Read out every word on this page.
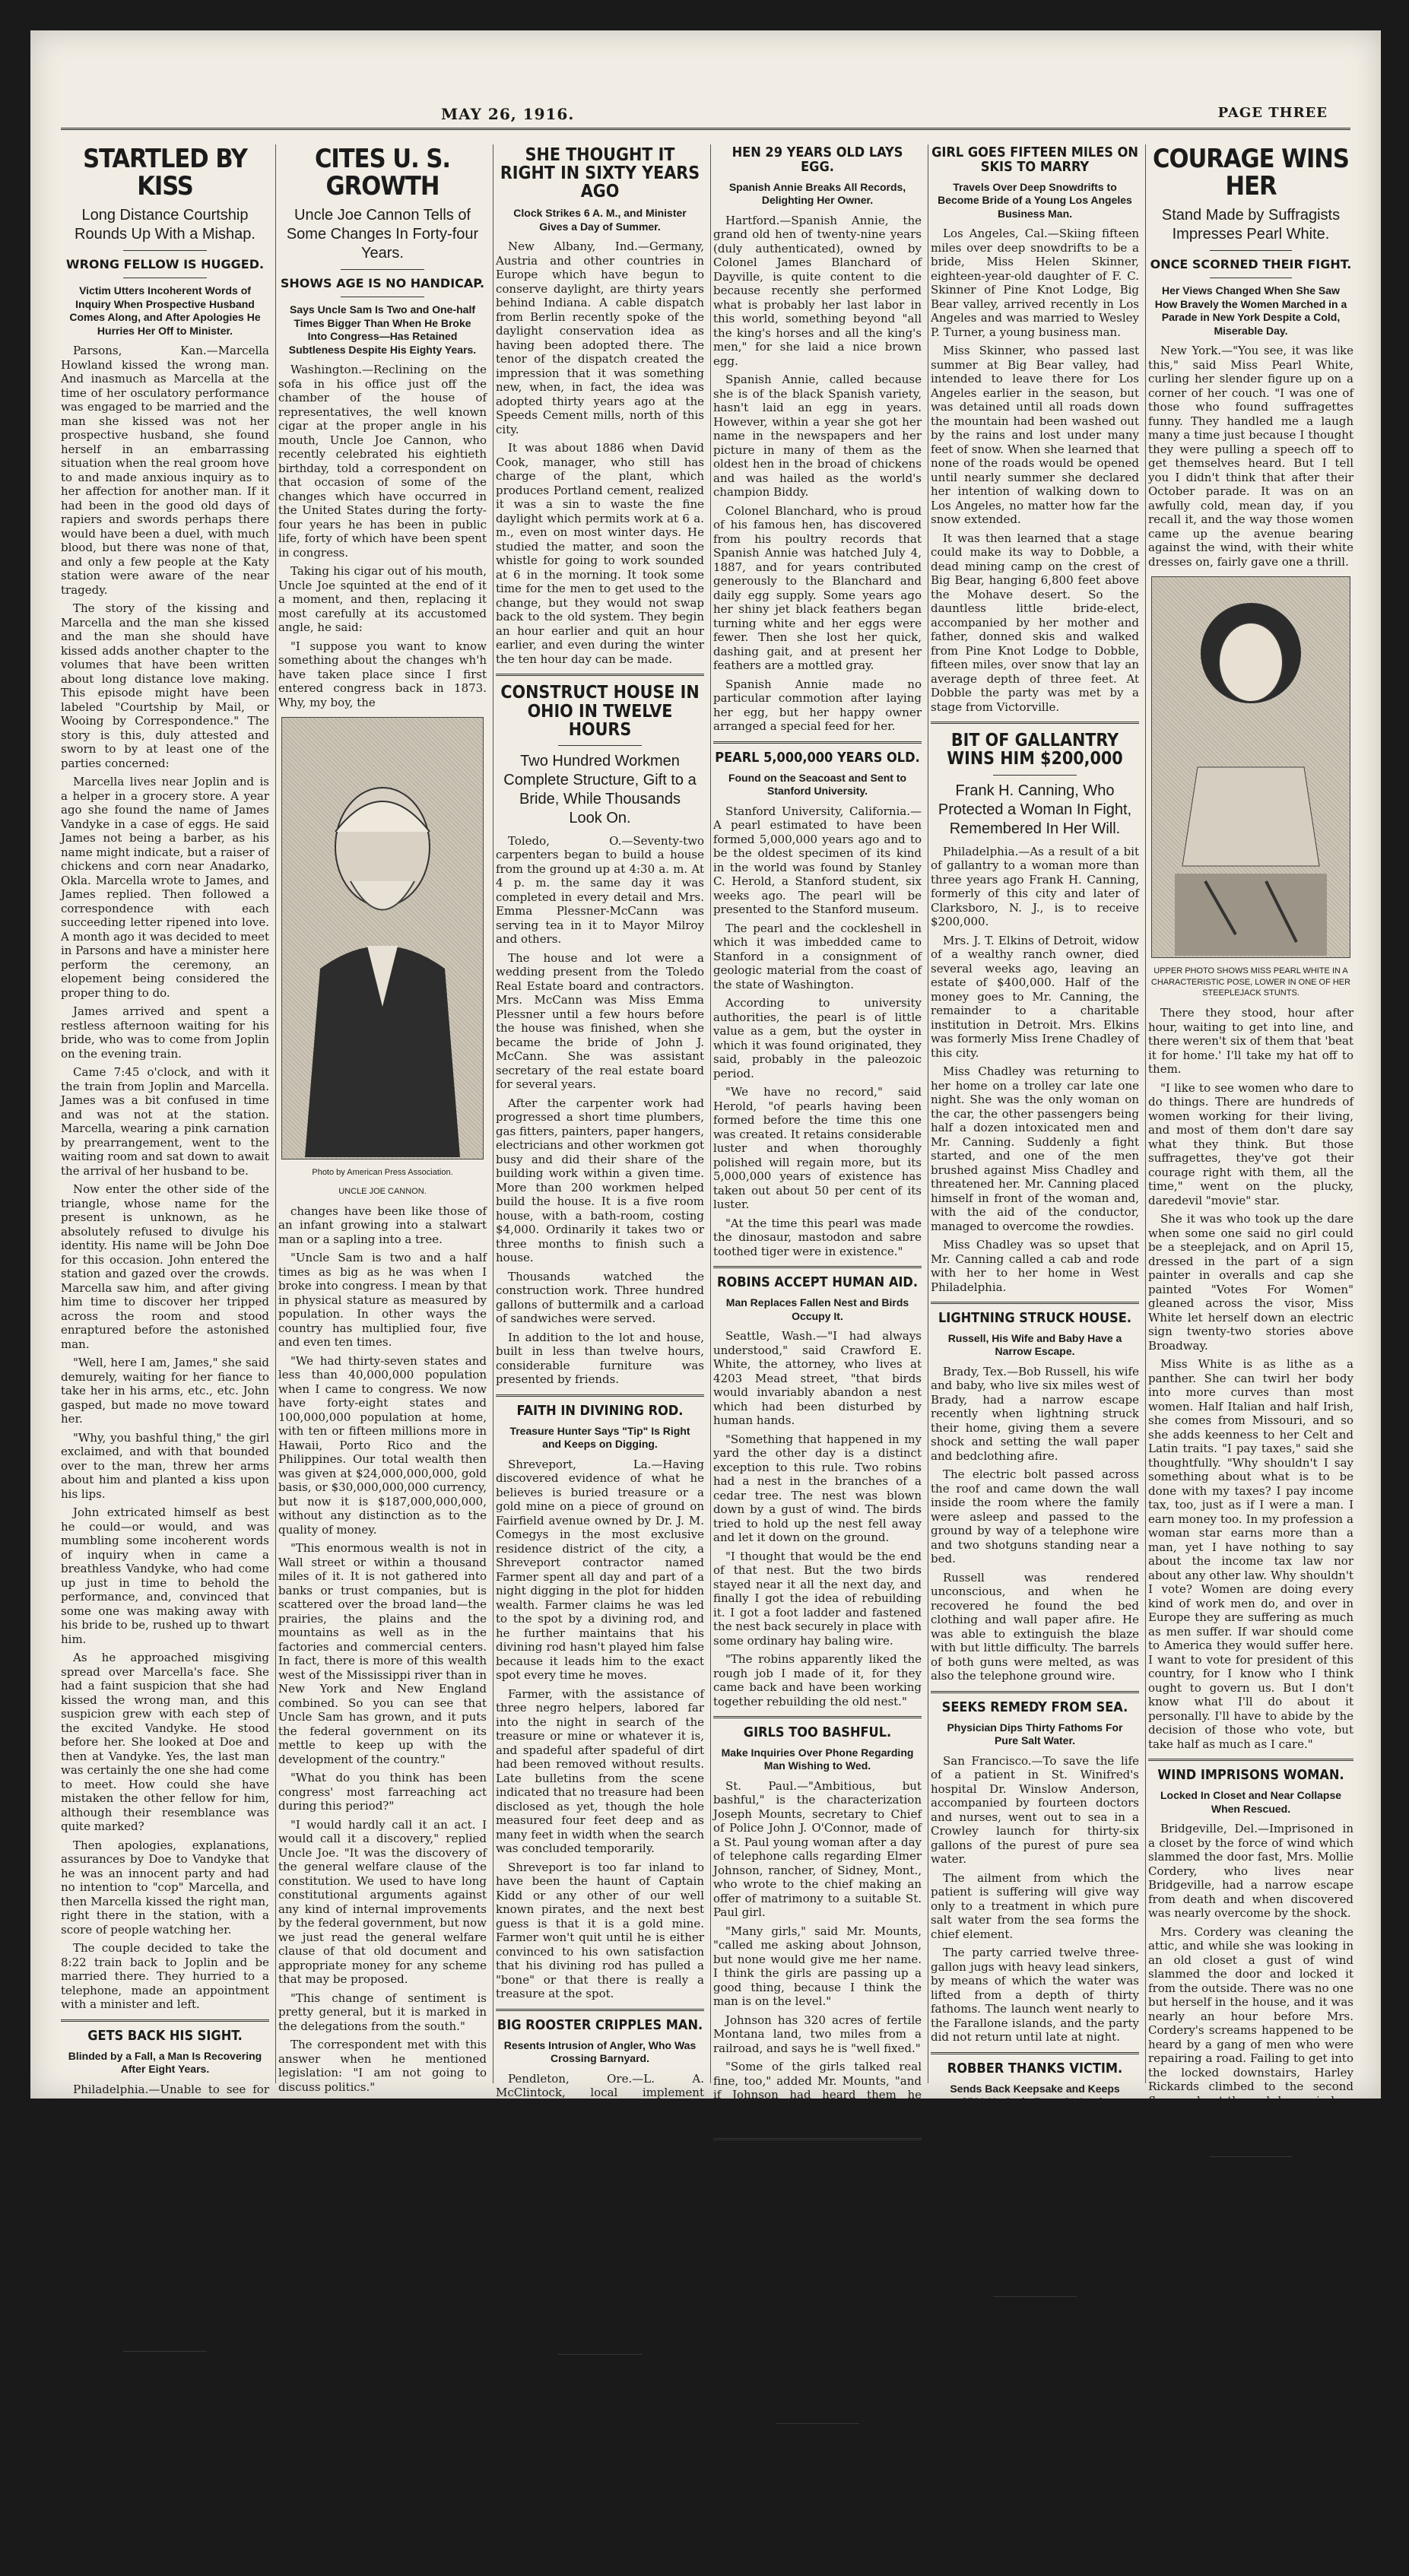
MAY 26, 1916.	PAGE THREE
STARTLED BY KISS
Long Distance Courtship Rounds Up With a Mishap.
WRONG FELLOW IS HUGGED.
Victim Utters Incoherent Words of Inquiry When Prospective Husband Comes Along, and After Apologies He Hurries Her Off to Minister.

Parsons, Kan.—Marcella Howland kissed the wrong man. And inasmuch as Marcella at the time of her osculatory performance was engaged to be married and the man she kissed was not her prospective husband, she found herself in an embarrassing situation when the real groom hove to and made anxious inquiry as to her affection for another man. If it had been in the good old days of rapiers and swords perhaps there would have been a duel, with much blood, but there was none of that, and only a few people at the Katy station were aware of the near tragedy.

The story of the kissing and Marcella and the man she kissed and the man she should have kissed adds another chapter to the volumes that have been written about long distance love making. This episode might have been labeled "Courtship by Mail, or Wooing by Correspondence." The story is this, duly attested and sworn to by at least one of the parties concerned:

Marcella lives near Joplin and is a helper in a grocery store. A year ago she found the name of James Vandyke in a case of eggs. He said James not being a barber, as his name might indicate, but a raiser of chickens and corn near Anadarko, Okla. Marcella wrote to James, and James replied. Then followed a correspondence with each succeeding letter ripened into love. A month ago it was decided to meet in Parsons and have a minister here perform the ceremony, an elopement being considered the proper thing to do.

James arrived and spent a restless afternoon waiting for his bride, who was to come from Joplin on the evening train.

Came 7:45 o'clock, and with it the train from Joplin and Marcella. James was a bit confused in time and was not at the station. Marcella, wearing a pink carnation by prearrangement, went to the waiting room and sat down to await the arrival of her husband to be.

Now enter the other side of the triangle, whose name for the present is unknown, as he absolutely refused to divulge his identity. His name will be John Doe for this occasion. John entered the station and gazed over the crowds. Marcella saw him, and after giving him time to discover her tripped across the room and stood enraptured before the astonished man.

"Well, here I am, James," she said demurely, waiting for her fiance to take her in his arms, etc., etc. John gasped, but made no move toward her.

"Why, you bashful thing," the girl exclaimed, and with that bounded over to the man, threw her arms about him and planted a kiss upon his lips.

John extricated himself as best he could—or would, and was mumbling some incoherent words of inquiry when in came a breathless Vandyke, who had come up just in time to behold the performance, and, convinced that some one was making away with his bride to be, rushed up to thwart him.

As he approached misgiving spread over Marcella's face. She had a faint suspicion that she had kissed the wrong man, and this suspicion grew with each step of the excited Vandyke. He stood before her. She looked at Doe and then at Vandyke. Yes, the last man was certainly the one she had come to meet. How could she have mistaken the other fellow for him, although their resemblance was quite marked?

Then apologies, explanations, assurances by Doe to Vandyke that he was an innocent party and had no intention to "cop" Marcella, and then Marcella kissed the right man, right there in the station, with a score of people watching her.

The couple decided to take the 8:22 train back to Joplin and be married there. They hurried to a telephone, made an appointment with a minister and left.

GETS BACK HIS SIGHT.
Blinded by a Fall, a Man Is Recovering After Eight Years.

Philadelphia.—Unable to see for eight years, Edward Claycomb, a painter, of Altoona, Pa., is recovering his sight by degrees.

In 1908 he fell from a house he was painting, and in addition to his other injuries he detached the retinas of both eyes. He became blind. Specialists of a dozen cities were consulted. So far as he could find his case was hopeless.

For the last several weeks his sight has been returning, and now he can see and read large letters and distinguish between colors. Physicians are puzzled. Claycomb is hopeful that his sight will be restored.

Sells Hidden Money With Potatoes.

Manteo, Cal.—W. A. Cleland placed $20 in $20 gold pieces in a potato bin for safe keeping. Forgetting about the money, he sold the potatoes. Later he went for the coin proved unsuccessful. Cleland now thinks banks are a safer proposition than potato bins.

CITES U. S. GROWTH
Uncle Joe Cannon Tells of Some Changes In Forty-four Years.
SHOWS AGE IS NO HANDICAP.
Says Uncle Sam Is Two and One-half Times Bigger Than When He Broke Into Congress—Has Retained Subtleness Despite His Eighty Years.

Washington.—Reclining on the sofa in his office just off the chamber of the house of representatives, the well known cigar at the proper angle in his mouth, Uncle Joe Cannon, who recently celebrated his eightieth birthday, told a correspondent on that occasion of some of the changes which have occurred in the United States during the forty-four years he has been in public life, forty of which have been spent in congress.

Taking his cigar out of his mouth, Uncle Joe squinted at the end of it a moment, and then, replacing it most carefully at its accustomed angle, he said:

"I suppose you want to know something about the changes wh'h have taken place since I first entered congress back in 1873. Why, my boy, the

Photo by American Press Association.
UNCLE JOE CANNON.

changes have been like those of an infant growing into a stalwart man or a sapling into a tree.

"Uncle Sam is two and a half times as big as he was when I broke into congress. I mean by that in physical stature as measured by population. In other ways the country has multiplied four, five and even ten times.

"We had thirty-seven states and less than 40,000,000 population when I came to congress. We now have forty-eight states and 100,000,000 population at home, with ten or fifteen millions more in Hawaii, Porto Rico and the Philippines. Our total wealth then was given at $24,000,000,000, gold basis, or $30,000,000,000 currency, but now it is $187,000,000,000, without any distinction as to the quality of money.

"This enormous wealth is not in Wall street or within a thousand miles of it. It is not gathered into banks or trust companies, but is scattered over the broad land—the prairies, the plains and the mountains as well as in the factories and commercial centers. In fact, there is more of this wealth west of the Mississippi river than in New York and New England combined. So you can see that Uncle Sam has grown, and it puts the federal government on its mettle to keep up with the development of the country."

"What do you think has been congress' most farreaching act during this period?"

"I would hardly call it an act. I would call it a discovery," replied Uncle Joe. "It was the discovery of the general welfare clause of the constitution. We used to have long constitutional arguments against any kind of internal improvements by the federal government, but now we just read the general welfare clause of that old document and appropriate money for any scheme that may be proposed.

"This change of sentiment is pretty general, but it is marked in the delegations from the south."

The correspondent met with this answer when he mentioned legislation: "I am not going to discuss politics."

Getting up from the couch, he stretched his arms, and then, just to show he is eighty years young, Uncle Joe kicked as high as his chin.

"Can you do that, young man?" he asked. And then in reply he said:

"No, and there aren't ten other men in the house who can."

The correspondent expressed the belief that when a person reached the fourscore milestone it was time to take it easy, and Uncle Joe replied:

"Well, I do take it easy. I'm entitled to it, am I not? I have things just about as the Lord intended they should be. I have lots of friends, no enemies that I know of, and lots of hope and ambition."

Although he has been mixed up in every great political fight since the election of Lincoln in 1860, Uncle Joe declined to discuss politics in the congress.

"It would be hardly fitting," he said. "People insist I am a partisan. I am a Republican, but this isn't a time for me to talk party politics. My friends are in all of the parties."

SHE THOUGHT IT RIGHT IN SIXTY YEARS AGO
Clock Strikes 6 A. M., and Minister Gives a Day of Summer.

New Albany, Ind.—Germany, Austria and other countries in Europe which have begun to conserve daylight, are thirty years behind Indiana. A cable dispatch from Berlin recently spoke of the daylight conservation idea as having been adopted there. The tenor of the dispatch created the impression that it was something new, when, in fact, the idea was adopted thirty years ago at the Speeds Cement mills, north of this city.

It was about 1886 when David Cook, manager, who still has charge of the plant, which produces Portland cement, realized it was a sin to waste the fine daylight which permits work at 6 a. m., even on most winter days. He studied the matter, and soon the whistle for going to work sounded at 6 in the morning. It took some time for the men to get used to the change, but they would not swap back to the old system. They begin an hour earlier and quit an hour earlier, and even during the winter the ten hour day can be made.

CONSTRUCT HOUSE IN OHIO IN TWELVE HOURS
Two Hundred Workmen Complete Structure, Gift to a Bride, While Thousands Look On.

Toledo, O.—Seventy-two carpenters began to build a house from the ground up at 4:30 a. m. At 4 p. m. the same day it was completed in every detail and Mrs. Emma Plessner-McCann was serving tea in it to Mayor Milroy and others.

The house and lot were a wedding present from the Toledo Real Estate board and contractors. Mrs. McCann was Miss Emma Plessner until a few hours before the house was finished, when she became the bride of John J. McCann. She was assistant secretary of the real estate board for several years.

After the carpenter work had progressed a short time plumbers, gas fitters, painters, paper hangers, electricians and other workmen got busy and did their share of the building work within a given time. More than 200 workmen helped build the house. It is a five room house, with a bath-room, costing $4,000. Ordinarily it takes two or three months to finish such a house.

Thousands watched the construction work. Three hundred gallons of buttermilk and a carload of sandwiches were served.

In addition to the lot and house, built in less than twelve hours, considerable furniture was presented by friends.

FAITH IN DIVINING ROD.
Treasure Hunter Says "Tip" Is Right and Keeps on Digging.

Shreveport, La.—Having discovered evidence of what he believes is buried treasure or a gold mine on a piece of ground on Fairfield avenue owned by Dr. J. M. Comegys in the most exclusive residence district of the city, a Shreveport contractor named Farmer spent all day and part of a night digging in the plot for hidden wealth. Farmer claims he was led to the spot by a divining rod, and he further maintains that his divining rod hasn't played him false because it leads him to the exact spot every time he moves.

Farmer, with the assistance of three negro helpers, labored far into the night in search of the treasure or mine or whatever it is, and spadeful after spadeful of dirt had been removed without results. Late bulletins from the scene indicated that no treasure had been disclosed as yet, though the hole measured four feet deep and as many feet in width when the search was concluded temporarily.

Shreveport is too far inland to have been the haunt of Captain Kidd or any other of our well known pirates, and the next best guess is that it is a gold mine. Farmer won't quit until he is either convinced to his own satisfaction that his divining rod has pulled a "bone" or that there is really a treasure at the spot.

BIG ROOSTER CRIPPLES MAN.
Resents Intrusion of Angler, Who Was Crossing Barnyard.

Pendleton, Ore.—L. A. McClintock, local implement dealer, is among the wounded and helpless as a result of an encounter with an angry rooster.

While he was crossing through a barnyard near the Furish dam, en route to the river with an angling outfit, a big Buff Cochin rooster, resenting the intrusion, flew at him. Unable to pierce his rubber boots with its beak, the rooster jumped into the air and drove his spurs home just above McClintock's knee, one on each side.

The spurs struck a tendon and crippled him. He was helped to an auto and brought home.

Pushes Junk Cart Miles.

Holton, Kan.—Sherman Crawford, an industrious junk gatherer of this city, loses none of his profits to the railroads. He loads his cart with 800 pounds of material and when weather and roads are good pushes the cart to Topeka. By leaving Holton at 8 o'clock in the morning Crawford can make the thirty-two miles to the capital city by sundown.

HEN 29 YEARS OLD LAYS EGG.
Spanish Annie Breaks All Records, Delighting Her Owner.

Hartford.—Spanish Annie, the grand old hen of twenty-nine years (duly authenticated), owned by Colonel James Blanchard of Dayville, is quite content to die because recently she performed what is probably her last labor in this world, something beyond "all the king's horses and all the king's men," for she laid a nice brown egg.

Spanish Annie, called because she is of the black Spanish variety, hasn't laid an egg in years. However, within a year she got her name in the newspapers and her picture in many of them as the oldest hen in the broad of chickens and was hailed as the world's champion Biddy.

Colonel Blanchard, who is proud of his famous hen, has discovered from his poultry records that Spanish Annie was hatched July 4, 1887, and for years contributed generously to the Blanchard and daily egg supply. Some years ago her shiny jet black feathers began turning white and her eggs were fewer. Then she lost her quick, dashing gait, and at present her feathers are a mottled gray.

Spanish Annie made no particular commotion after laying her egg, but her happy owner arranged a special feed for her.

PEARL 5,000,000 YEARS OLD.
Found on the Seacoast and Sent to Stanford University.

Stanford University, California.—A pearl estimated to have been formed 5,000,000 years ago and to be the oldest specimen of its kind in the world was found by Stanley C. Herold, a Stanford student, six weeks ago. The pearl will be presented to the Stanford museum.

The pearl and the cockleshell in which it was imbedded came to Stanford in a consignment of geologic material from the coast of the state of Washington.

According to university authorities, the pearl is of little value as a gem, but the oyster in which it was found originated, they said, probably in the paleozoic period.

"We have no record," said Herold, "of pearls having been formed before the time this one was created. It retains considerable luster and when thoroughly polished will regain more, but its 5,000,000 years of existence has taken out about 50 per cent of its luster.

"At the time this pearl was made the dinosaur, mastodon and sabre toothed tiger were in existence."

ROBINS ACCEPT HUMAN AID.
Man Replaces Fallen Nest and Birds Occupy It.

Seattle, Wash.—"I had always understood," said Crawford E. White, the attorney, who lives at 4203 Mead street, "that birds would invariably abandon a nest which had been disturbed by human hands.

"Something that happened in my yard the other day is a distinct exception to this rule. Two robins had a nest in the branches of a cedar tree. The nest was blown down by a gust of wind. The birds tried to hold up the nest fell away and let it down on the ground.

"I thought that would be the end of that nest. But the two birds stayed near it all the next day, and finally I got the idea of rebuilding it. I got a foot ladder and fastened the nest back securely in place with some ordinary hay baling wire.

"The robins apparently liked the rough job I made of it, for they came back and have been working together rebuilding the old nest."

GIRLS TOO BASHFUL.
Make Inquiries Over Phone Regarding Man Wishing to Wed.

St. Paul.—"Ambitious, but bashful," is the characterization Joseph Mounts, secretary to Chief of Police John J. O'Connor, made of a St. Paul young woman after a day of telephone calls regarding Elmer Johnson, rancher, of Sidney, Mont., who wrote to the chief making an offer of matrimony to a suitable St. Paul girl.

"Many girls," said Mr. Mounts, "called me asking about Johnson, but none would give me her name. I think the girls are passing up a good thing, because I think the man is on the level."

Johnson has 320 acres of fertile Montana land, two miles from a railroad, and says he is "well fixed."

"Some of the girls talked real fine, too," added Mr. Mounts, "and if Johnson had heard them he would have liked to look them over. It's too bad they were so bashful."

FINDS DIAMOND IN TOBACCO.
Railroad Engineer Discovers Gem In Tin of the Weed.

St. Mary's, Pa.—Patrick Fohley, an engineer on the Pennsylvania railroad, stationed here, considers himself a very lucky individual.

A few days ago he bought a ten cent tin of tobacco. While replenishing his pipe he was surprised to see a ring imbedded in the weed, and examination proved it to contain a stone which looked suspiciously like a diamond. He took his find to a jeweler, who appraised the stone to be worth at least $50.

With Choir, No Gift.

Topeka, Kan.—Property held for the Church of Christ in this city will revert to the original owners should they come into existence within the next few months, this being according to the terms of the deed by which it was conveyed for church purposes and which has just been filed for record.

GIRL GOES FIFTEEN MILES ON SKIS TO MARRY
Travels Over Deep Snowdrifts to Become Bride of a Young Los Angeles Business Man.

Los Angeles, Cal.—Skiing fifteen miles over deep snowdrifts to be a bride, Miss Helen Skinner, eighteen-year-old daughter of F. C. Skinner of Pine Knot Lodge, Big Bear valley, arrived recently in Los Angeles and was married to Wesley P. Turner, a young business man.

Miss Skinner, who passed last summer at Big Bear valley, had intended to leave there for Los Angeles earlier in the season, but was detained until all roads down the mountain had been washed out by the rains and lost under many feet of snow. When she learned that none of the roads would be opened until nearly summer she declared her intention of walking down to Los Angeles, no matter how far the snow extended.

It was then learned that a stage could make its way to Dobble, a dead mining camp on the crest of Big Bear, hanging 6,800 feet above the Mohave desert. So the dauntless little bride-elect, accompanied by her mother and father, donned skis and walked from Pine Knot Lodge to Dobble, fifteen miles, over snow that lay an average depth of three feet. At Dobble the party was met by a stage from Victorville.

BIT OF GALLANTRY WINS HIM $200,000
Frank H. Canning, Who Protected a Woman In Fight, Remembered In Her Will.

Philadelphia.—As a result of a bit of gallantry to a woman more than three years ago Frank H. Canning, formerly of this city and later of Clarksboro, N. J., is to receive $200,000.

Mrs. J. T. Elkins of Detroit, widow of a wealthy ranch owner, died several weeks ago, leaving an estate of $400,000. Half of the money goes to Mr. Canning, the remainder to a charitable institution in Detroit. Mrs. Elkins was formerly Miss Irene Chadley of this city.

Miss Chadley was returning to her home on a trolley car late one night. She was the only woman on the car, the other passengers being half a dozen intoxicated men and Mr. Canning. Suddenly a fight started, and one of the men brushed against Miss Chadley and threatened her. Mr. Canning placed himself in front of the woman and, with the aid of the conductor, managed to overcome the rowdies.

Miss Chadley was so upset that Mr. Canning called a cab and rode with her to her home in West Philadelphia.

LIGHTNING STRUCK HOUSE.
Russell, His Wife and Baby Have a Narrow Escape.

Brady, Tex.—Bob Russell, his wife and baby, who live six miles west of Brady, had a narrow escape recently when lightning struck their home, giving them a severe shock and setting the wall paper and bedclothing afire.

The electric bolt passed across the roof and came down the wall inside the room where the family were asleep and passed to the ground by way of a telephone wire and two shotguns standing near a bed.

Russell was rendered unconscious, and when he recovered he found the bed clothing and wall paper afire. He was able to extinguish the blaze with but little difficulty. The barrels of both guns were melted, as was also the telephone ground wire.

SEEKS REMEDY FROM SEA.
Physician Dips Thirty Fathoms For Pure Salt Water.

San Francisco.—To save the life of a patient in St. Winifred's hospital Dr. Winslow Anderson, accompanied by fourteen doctors and nurses, went out to sea in a Crowley launch for thirty-six gallons of the purest of pure sea water.

The ailment from which the patient is suffering will give way only to a treatment in which pure salt water from the sea forms the chief element.

The party carried twelve three-gallon jugs with heavy lead sinkers, by means of which the water was lifted from a depth of thirty fathoms. The launch went nearly to the Farallone islands, and the party did not return until late at night.

ROBBER THANKS VICTIM.
Sends Back Keepsake and Keeps $500 He Stole From St. Louis Resident.

St. Louis.—The thief who robbed the home of L. L. Whittemore of jewelry valued at $500 mailed a letter to the family. Inclosed was a miniature pair of opera glasses, used as a watch charm. His letter reads:

To Whom It May Concern.—Very sorry to take this little keepsake. Thank you for the other articles.

AN OUTCAST.
Fish Makes Long Swim.

London.—A salmon which had been marked and returned to the water at Kintradwel, north of Brora, Sutherlandshire, was caught fifteen days afterward on the Aberdeenshire coast. The minimum distance covered by the fish was 140 miles, and it had lost one and a half pounds in weight between the date of marking and its recapture.

COURAGE WINS HER
Stand Made by Suffragists Impresses Pearl White.
ONCE SCORNED THEIR FIGHT.
Her Views Changed When She Saw How Bravely the Women Marched in a Parade in New York Despite a Cold, Miserable Day.

New York.—"You see, it was like this," said Miss Pearl White, curling her slender figure up on a corner of her couch. "I was one of those who found suffragettes funny. They handled me a laugh many a time just because I thought they were pulling a speech off to get themselves heard. But I tell you I didn't think that after their October parade. It was on an awfully cold, mean day, if you recall it, and the way those women came up the avenue bearing against the wind, with their white dresses on, fairly gave one a thrill.

UPPER PHOTO SHOWS MISS PEARL WHITE IN A CHARACTERISTIC POSE, LOWER IN ONE OF HER STEEPLEJACK STUNTS.

There they stood, hour after hour, waiting to get into line, and there weren't six of them that 'beat it for home.' I'll take my hat off to them.

"I like to see women who dare to do things. There are hundreds of women working for their living, and most of them don't dare say what they think. But those suffragettes, they've got their courage right with them, all the time," went on the plucky, daredevil "movie" star.

She it was who took up the dare when some one said no girl could be a steeplejack, and on April 15, dressed in the part of a sign painter in overalls and cap she painted "Votes For Women" gleaned across the visor, Miss White let herself down an electric sign twenty-two stories above Broadway.

Miss White is as lithe as a panther. She can twirl her body into more curves than most women. Half Italian and half Irish, she comes from Missouri, and so she adds keenness to her Celt and Latin traits. "I pay taxes," said she thoughtfully. "Why shouldn't I say something about what is to be done with my taxes? I pay income tax, too, just as if I were a man. I earn money too. In my profession a woman star earns more than a man, yet I have nothing to say about the income tax law nor about any other law. Why shouldn't I vote? Women are doing every kind of work men do, and over in Europe they are suffering as much as men suffer. If war should come to America they would suffer here. I want to vote for president of this country, for I know who I think ought to govern us. But I don't know what I'll do about it personally. I'll have to abide by the decision of those who vote, but take half as much as I care."

WIND IMPRISONS WOMAN.
Locked In Closet and Near Collapse When Rescued.

Bridgeville, Del.—Imprisoned in a closet by the force of wind which slammed the door fast, Mrs. Mollie Cordery, who lives near Bridgeville, had a narrow escape from death and when discovered was nearly overcome by the shock.

Mrs. Cordery was cleaning the attic, and while she was looking in an old closet a gust of wind slammed the door and locked it from the outside. There was no one but herself in the house, and it was nearly an hour before Mrs. Cordery's screams happened to be heard by a gang of men who were repairing a road. Failing to get into the locked downstairs, Harley Rickards climbed to the second floor and got through by a window. When Mrs. Cordery was taken out she was in a pitiable state. She is still suffering from the shock.

Sentences Himself to Jail.

Visalia, Cal.—Ernest Stevenson, a Visalia laborer, sentenced himself to a year in the county jail in Judge Knox's court after pleading guilty to a charge of drunkenness. The verdict was set aside by the judge as excessive. In passing sentence on himself after the judge had asked him to do so Stevenson said treatment was needed to keep the whisky habit off him. He asked for a severe penalty. "I want to stay in jail until the doctors pronounce him sound," as the judge told him, "sober up right" in a year.
